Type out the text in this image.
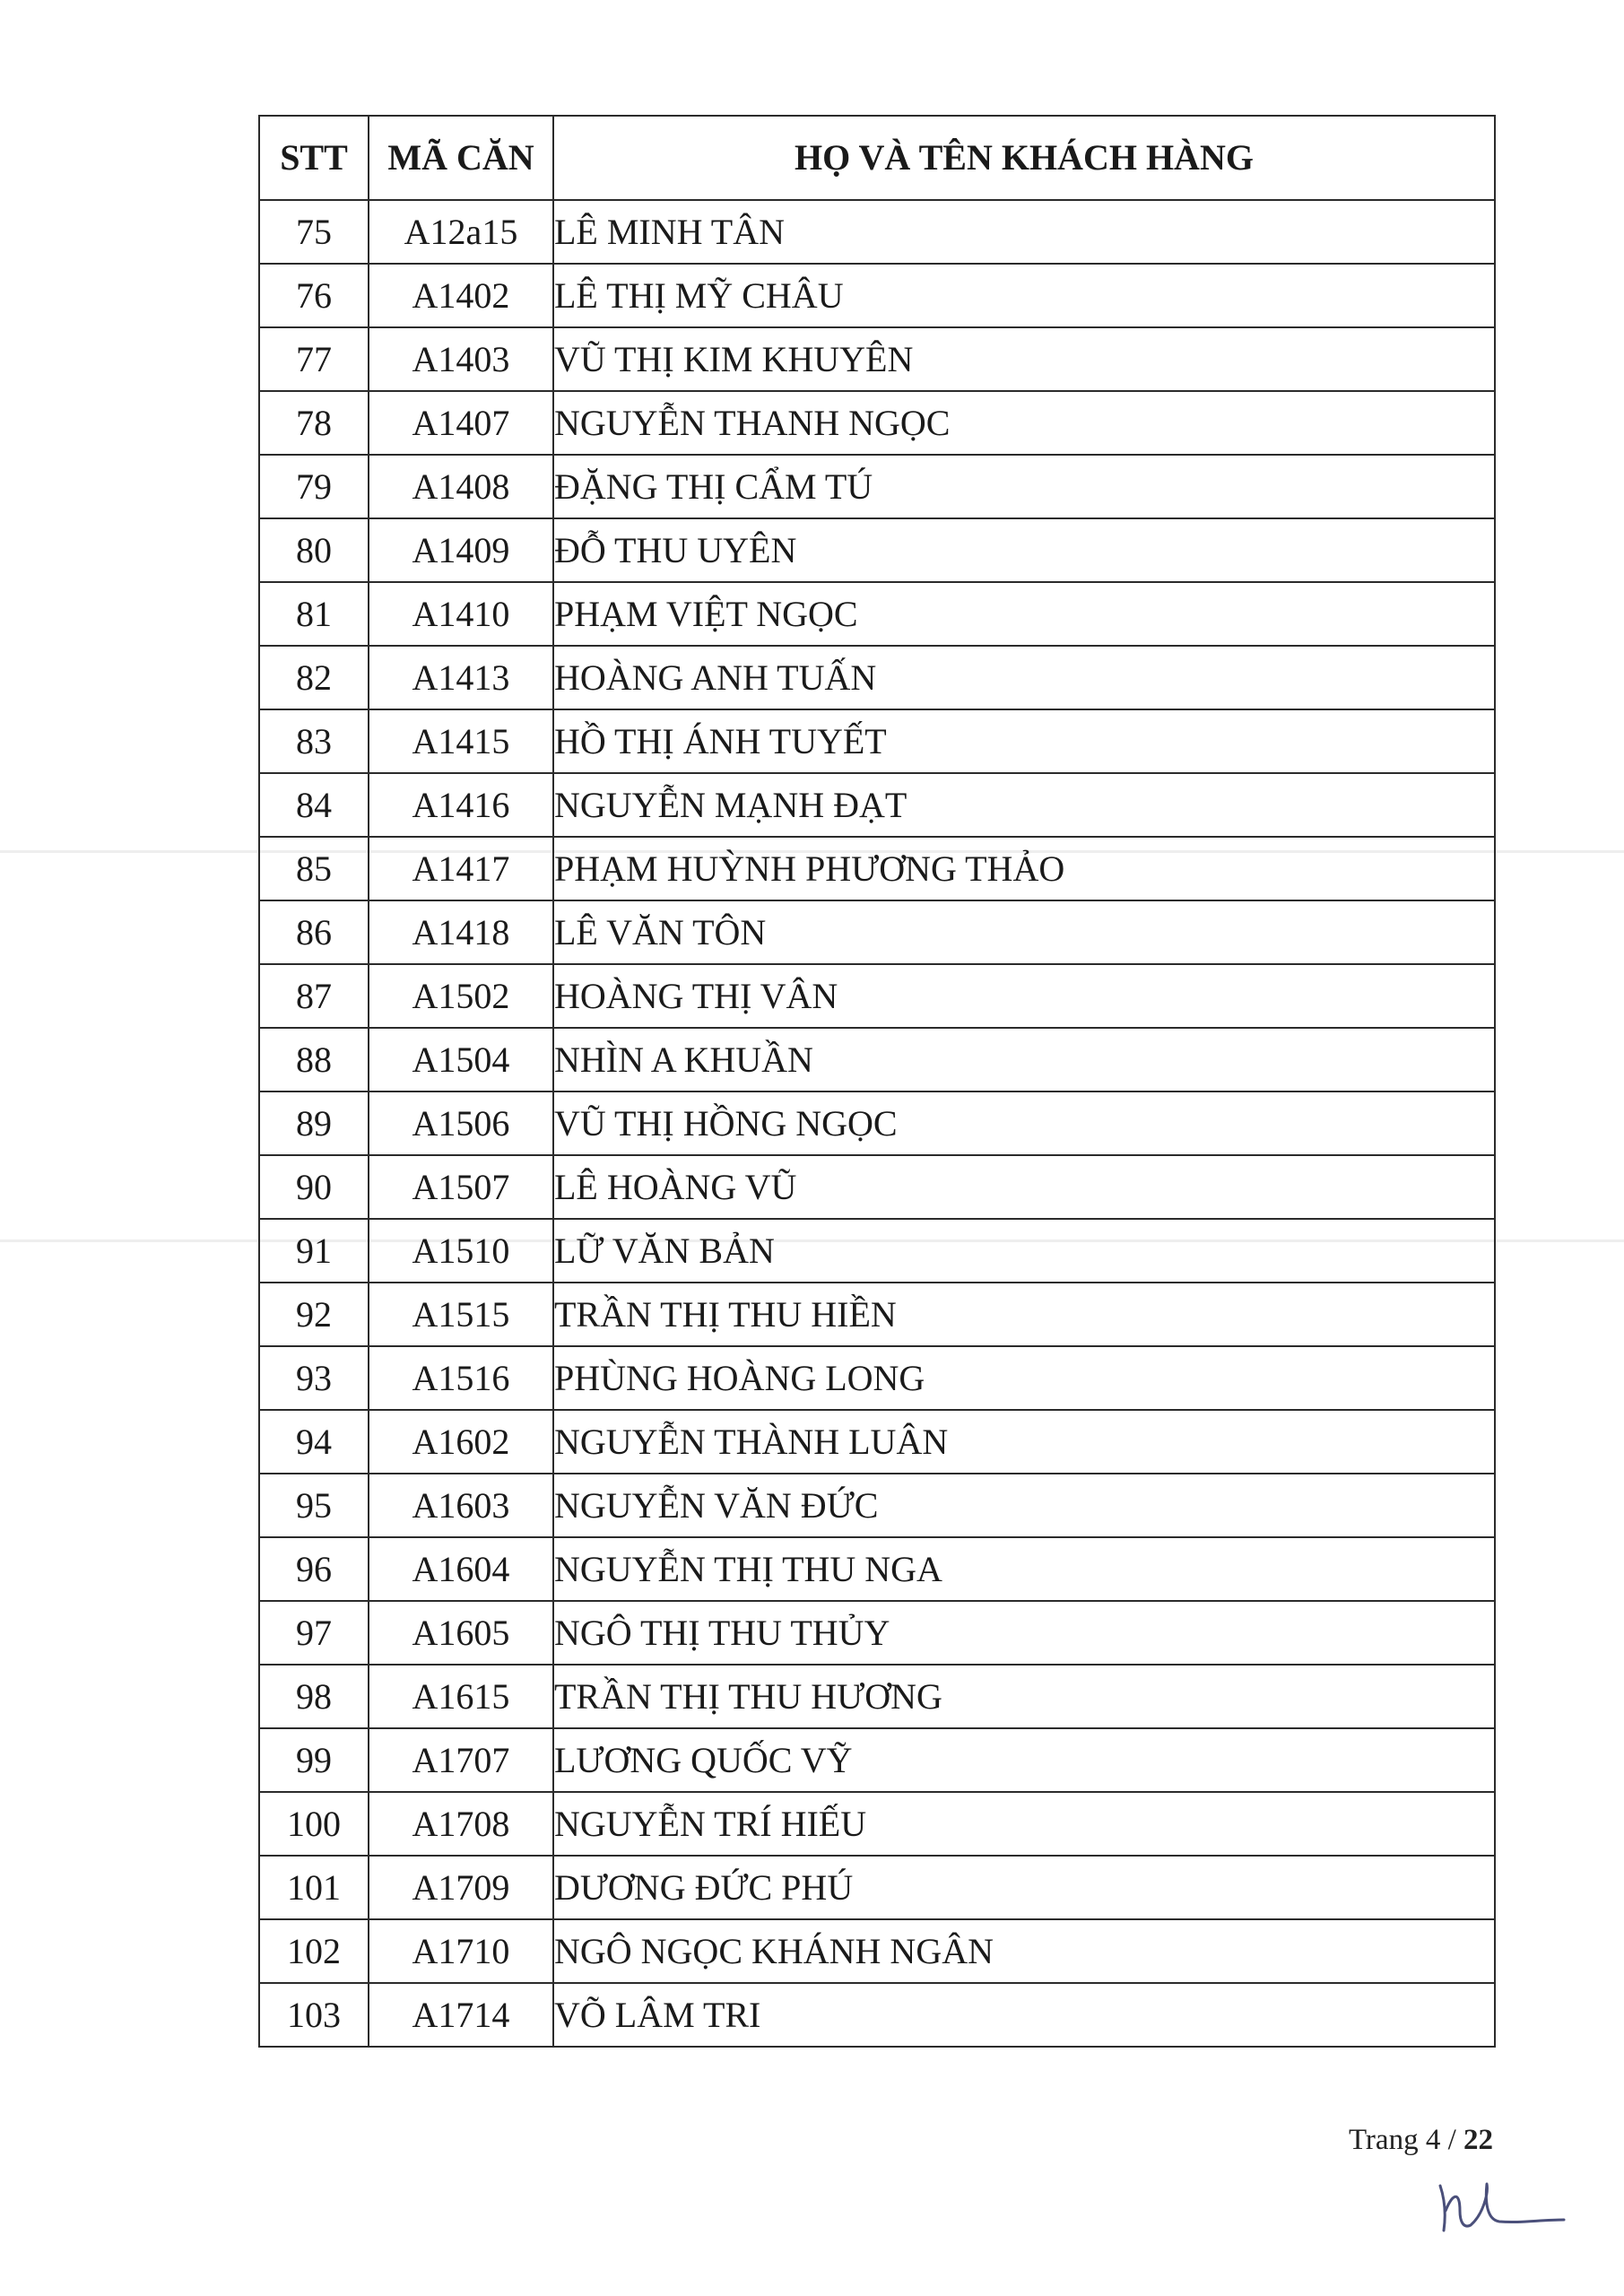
STT	MÃ CĂN	HỌ VÀ TÊN KHÁCH HÀNG
75	A12a15	LÊ MINH TÂN
76	A1402	LÊ THỊ MỸ CHÂU
77	A1403	VŨ THỊ KIM KHUYÊN
78	A1407	NGUYỄN THANH NGỌC
79	A1408	ĐẶNG THỊ CẨM TÚ
80	A1409	ĐỖ THU UYÊN
81	A1410	PHẠM VIỆT NGỌC
82	A1413	HOÀNG ANH TUẤN
83	A1415	HỒ THỊ ÁNH TUYẾT
84	A1416	NGUYỄN MẠNH ĐẠT
85	A1417	PHẠM HUỲNH PHƯƠNG THẢO
86	A1418	LÊ VĂN TÔN
87	A1502	HOÀNG THỊ VÂN
88	A1504	NHÌN A KHUẦN
89	A1506	VŨ THỊ HỒNG NGỌC
90	A1507	LÊ HOÀNG VŨ
91	A1510	LỮ VĂN BẢN
92	A1515	TRẦN THỊ THU HIỀN
93	A1516	PHÙNG HOÀNG LONG
94	A1602	NGUYỄN THÀNH LUÂN
95	A1603	NGUYỄN VĂN ĐỨC
96	A1604	NGUYỄN THỊ THU NGA
97	A1605	NGÔ THỊ THU THỦY
98	A1615	TRẦN THỊ THU HƯƠNG
99	A1707	LƯƠNG QUỐC VỸ
100	A1708	NGUYỄN TRÍ HIẾU
101	A1709	DƯƠNG ĐỨC PHÚ
102	A1710	NGÔ NGỌC KHÁNH NGÂN
103	A1714	VÕ LÂM TRI
Trang 4 / 22
